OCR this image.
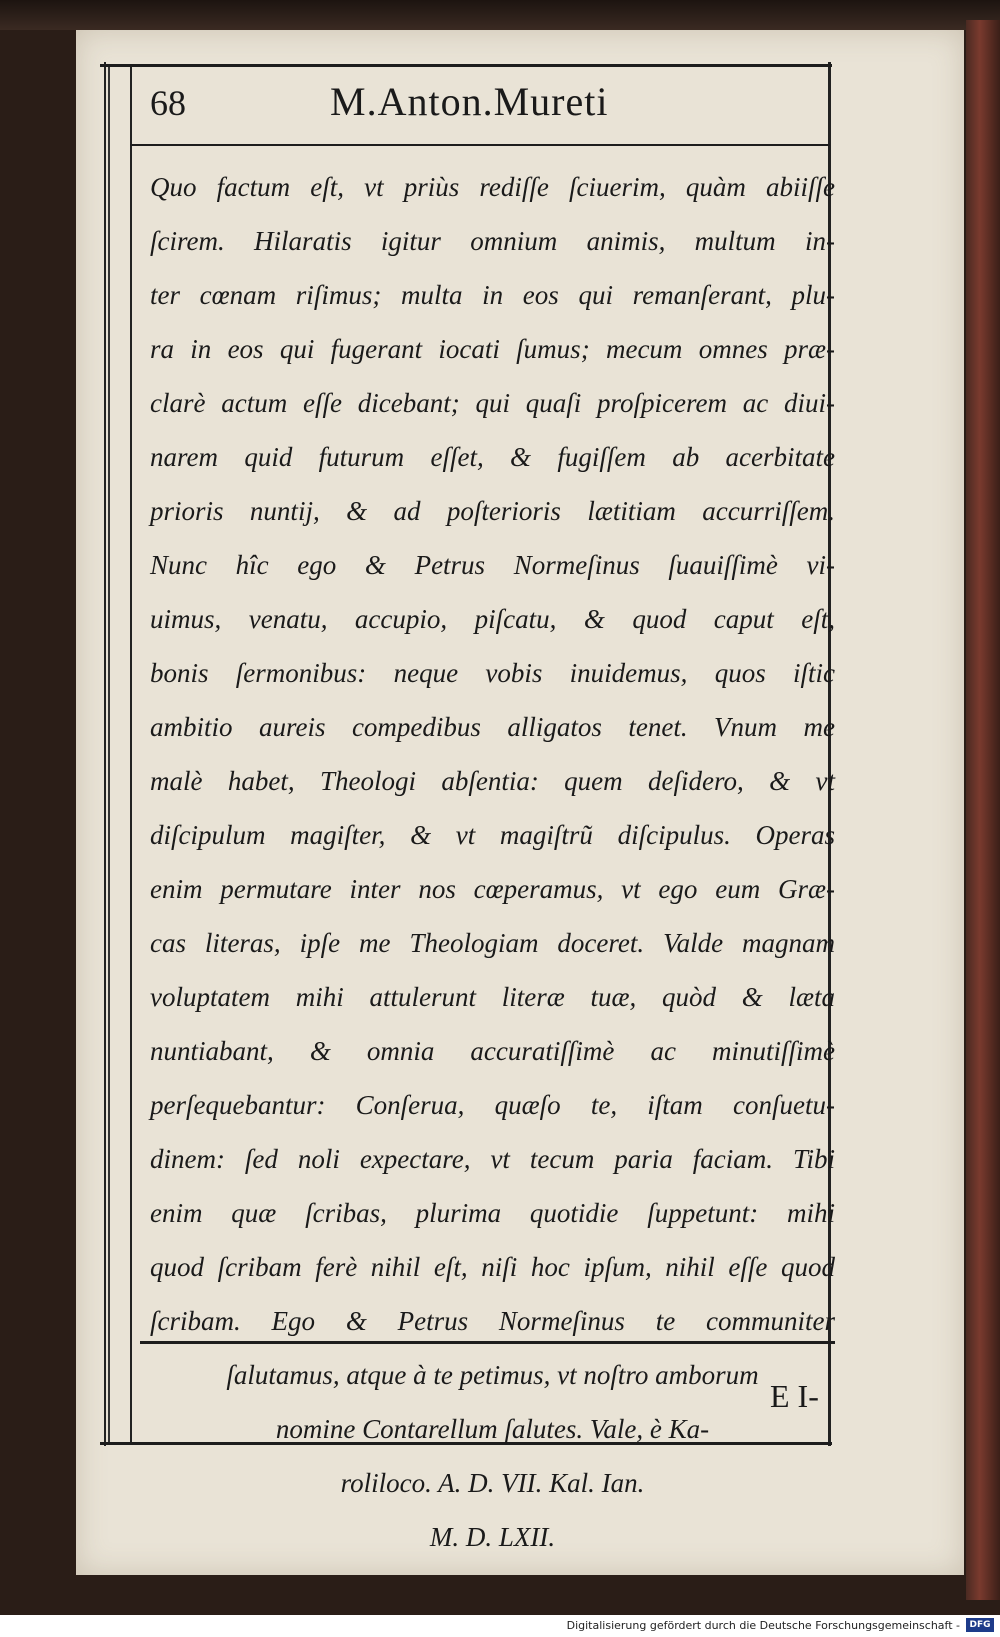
68	M.Anton.Mureti
Quo factum eſt, vt priùs rediſſe ſciuerim, quàm abiiſſe
ſcirem. Hilaratis igitur omnium animis, multum in-
ter cœnam riſimus; multa in eos qui remanſerant, plu-
ra in eos qui fugerant iocati ſumus; mecum omnes præ-
clarè actum eſſe dicebant; qui quaſi proſpicerem ac diui-
narem quid futurum eſſet, & fugiſſem ab acerbitate
prioris nuntij, & ad poſterioris lætitiam accurriſſem.
Nunc hîc ego & Petrus Normeſinus ſuauiſſimè vi-
uimus, venatu, accupio, piſcatu, & quod caput eſt,
bonis ſermonibus: neque vobis inuidemus, quos iſtic
ambitio aureis compedibus alligatos tenet. Vnum me
malè habet, Theologi abſentia: quem deſidero, & vt
diſcipulum magiſter, & vt magiſtrũ diſcipulus. Operas
enim permutare inter nos cœperamus, vt ego eum Græ-
cas literas, ipſe me Theologiam doceret. Valde magnam
voluptatem mihi attulerunt literæ tuæ, quòd & læta
nuntiabant, & omnia accuratiſſimè ac minutiſſimè
perſequebantur: Conſerua, quæſo te, iſtam conſuetu-
dinem: ſed noli expectare, vt tecum paria faciam. Tibi
enim quæ ſcribas, plurima quotidie ſuppetunt: mihi
quod ſcribam ferè nihil eſt, niſi hoc ipſum, nihil eſſe quod
ſcribam. Ego & Petrus Normeſinus te communiter
ſalutamus, atque à te petimus, vt noſtro amborum
nomine Contarellum ſalutes. Vale, è Ka-
roliloco. A. D. VII. Kal. Ian.
M. D. LXII.
E I-
Digitalisierung gefördert durch die Deutsche Forschungsgemeinschaft -	DFG
